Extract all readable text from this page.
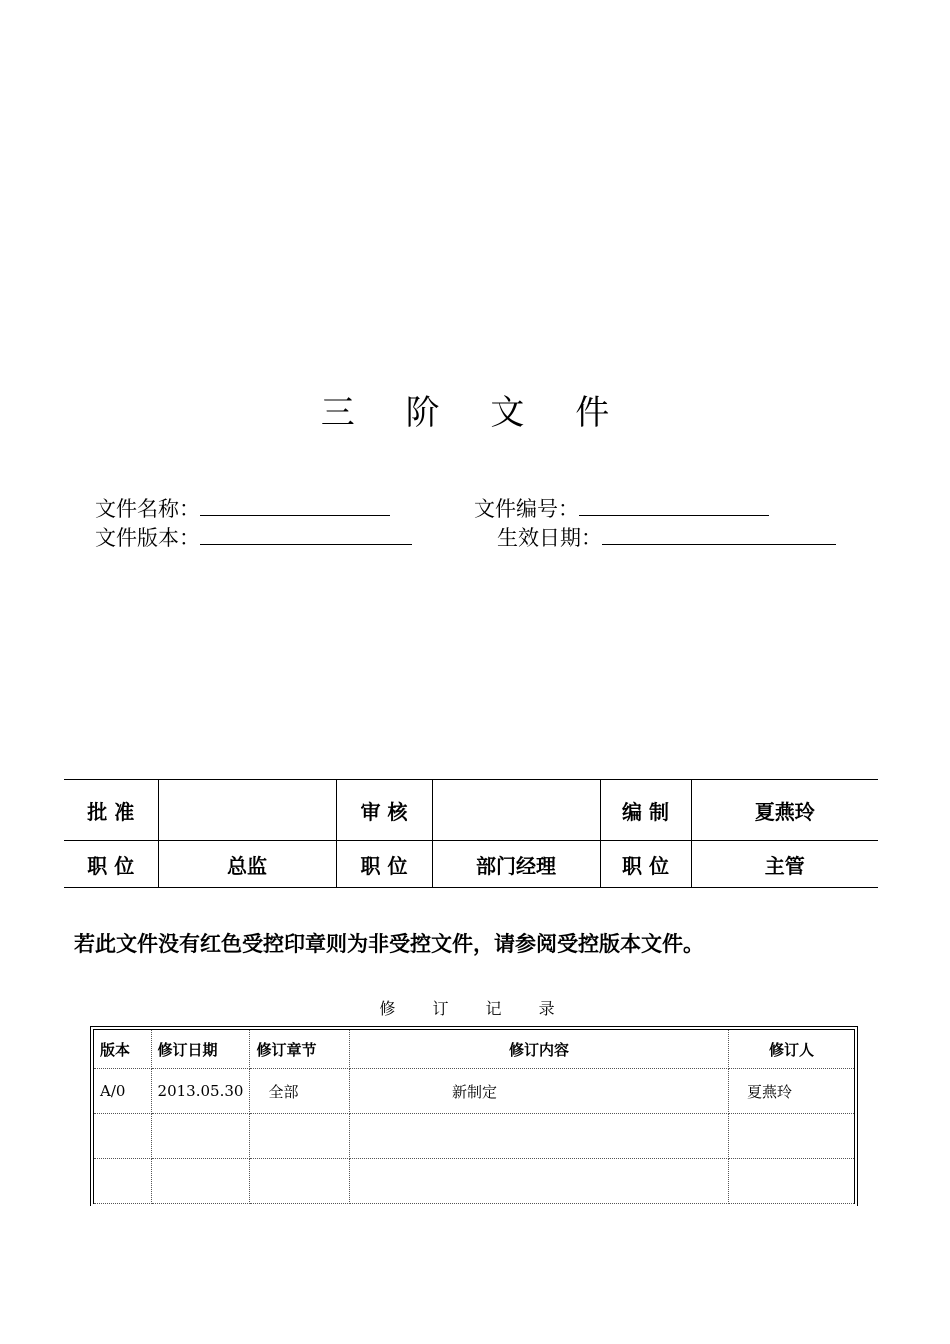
三 阶 文 件
文件名称：	文件编号：
文件版本：	生效日期：
批 准		审 核		编 制	夏燕玲
职 位	总监	职 位	部门经理	职 位	主管
若此文件没有红色受控印章则为非受控文件，请参阅受控版本文件。
修 订 记 录
版本	修订日期	修订章节	修订内容	修订人
A/0	2013.05.30	全部	新制定	夏燕玲
